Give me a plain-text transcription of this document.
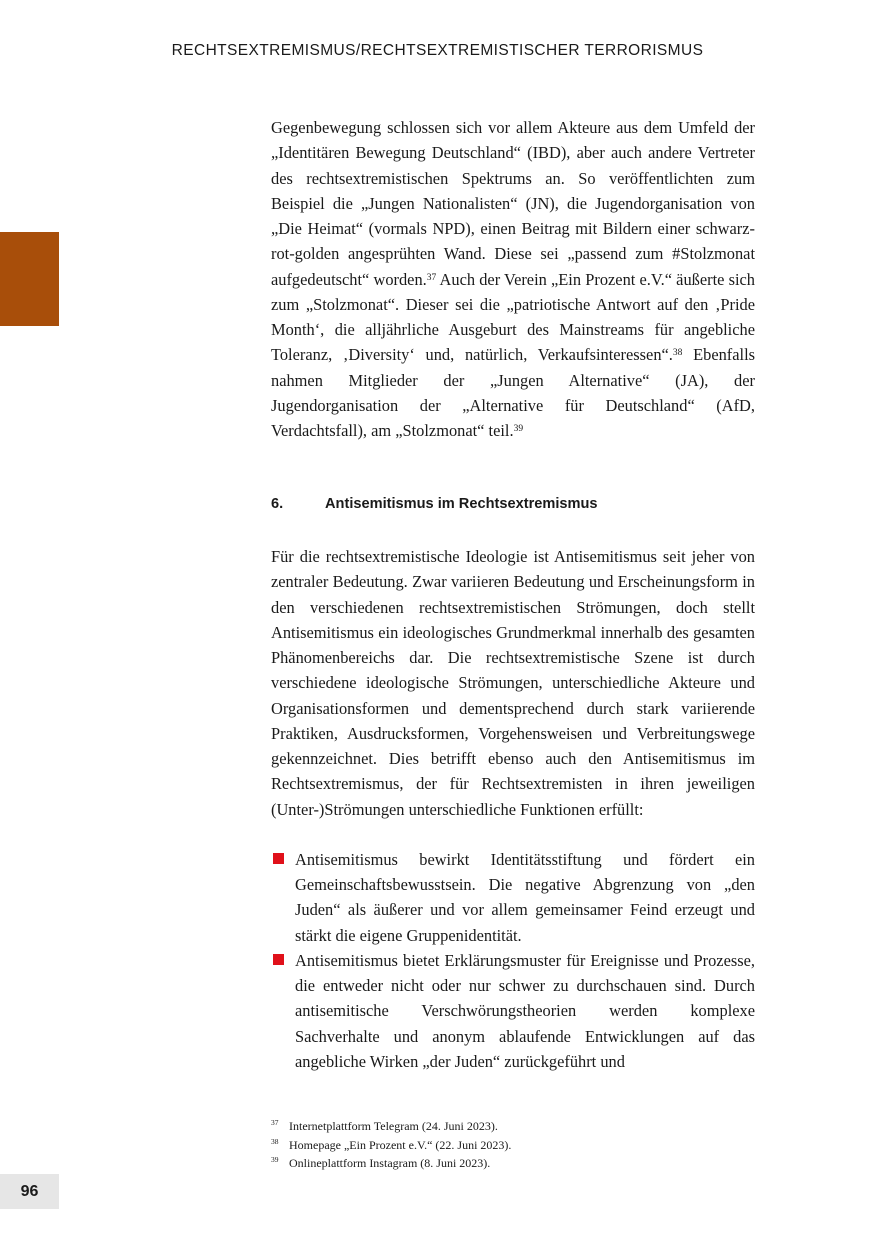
RECHTSEXTREMISMUS/RECHTSEXTREMISTISCHER TERRORISMUS

Gegenbewegung schlossen sich vor allem Akteure aus dem Umfeld der „Identitären Bewegung Deutschland“ (IBD), aber auch andere Vertreter des rechtsextremistischen Spektrums an. So veröffentlichten zum Beispiel die „Jungen Nationalisten“ (JN), die Jugendorganisation von „Die Heimat“ (vormals NPD), einen Beitrag mit Bildern einer schwarz-rot-golden angesprühten Wand. Diese sei „passend zum #Stolzmonat aufgedeutscht“ worden.$^{37}$ Auch der Verein „Ein Prozent e.V.“ äußerte sich zum „Stolzmonat“. Dieser sei die „patriotische Antwort auf den ‚Pride Month‘, die alljährliche Ausgeburt des Mainstreams für angebliche Toleranz, ‚Diversity‘ und, natürlich, Verkaufsinteressen“.$^{38}$ Ebenfalls nahmen Mitglieder der „Jungen Alternative“ (JA), der Jugendorganisation der „Alternative für Deutschland“ (AfD, Verdachtsfall), am „Stolzmonat“ teil.$^{39}$

6.	Antisemitismus im Rechtsextremismus

Für die rechtsextremistische Ideologie ist Antisemitismus seit jeher von zentraler Bedeutung. Zwar variieren Bedeutung und Erscheinungsform in den verschiedenen rechtsextremistischen Strömungen, doch stellt Antisemitismus ein ideologisches Grundmerkmal innerhalb des gesamten Phänomenbereichs dar. Die rechtsextremistische Szene ist durch verschiedene ideologische Strömungen, unterschiedliche Akteure und Organisationsformen und dementsprechend durch stark variierende Praktiken, Ausdrucksformen, Vorgehensweisen und Verbreitungswege gekennzeichnet. Dies betrifft ebenso auch den Antisemitismus im Rechtsextremismus, der für Rechtsextremisten in ihren jeweiligen (Unter-)Strömungen unterschiedliche Funktionen erfüllt:

Antisemitismus bewirkt Identitätsstiftung und fördert ein Gemeinschaftsbewusstsein. Die negative Abgrenzung von „den Juden“ als äußerer und vor allem gemeinsamer Feind erzeugt und stärkt die eigene Gruppenidentität.
Antisemitismus bietet Erklärungsmuster für Ereignisse und Prozesse, die entweder nicht oder nur schwer zu durchschauen sind. Durch antisemitische Verschwörungstheorien werden komplexe Sachverhalte und anonym ablaufende Entwicklungen auf das angebliche Wirken „der Juden“ zurückgeführt und
37 Internetplattform Telegram (24. Juni 2023).
38 Homepage „Ein Prozent e.V.“ (22. Juni 2023).
39 Onlineplattform Instagram (8. Juni 2023).
96
